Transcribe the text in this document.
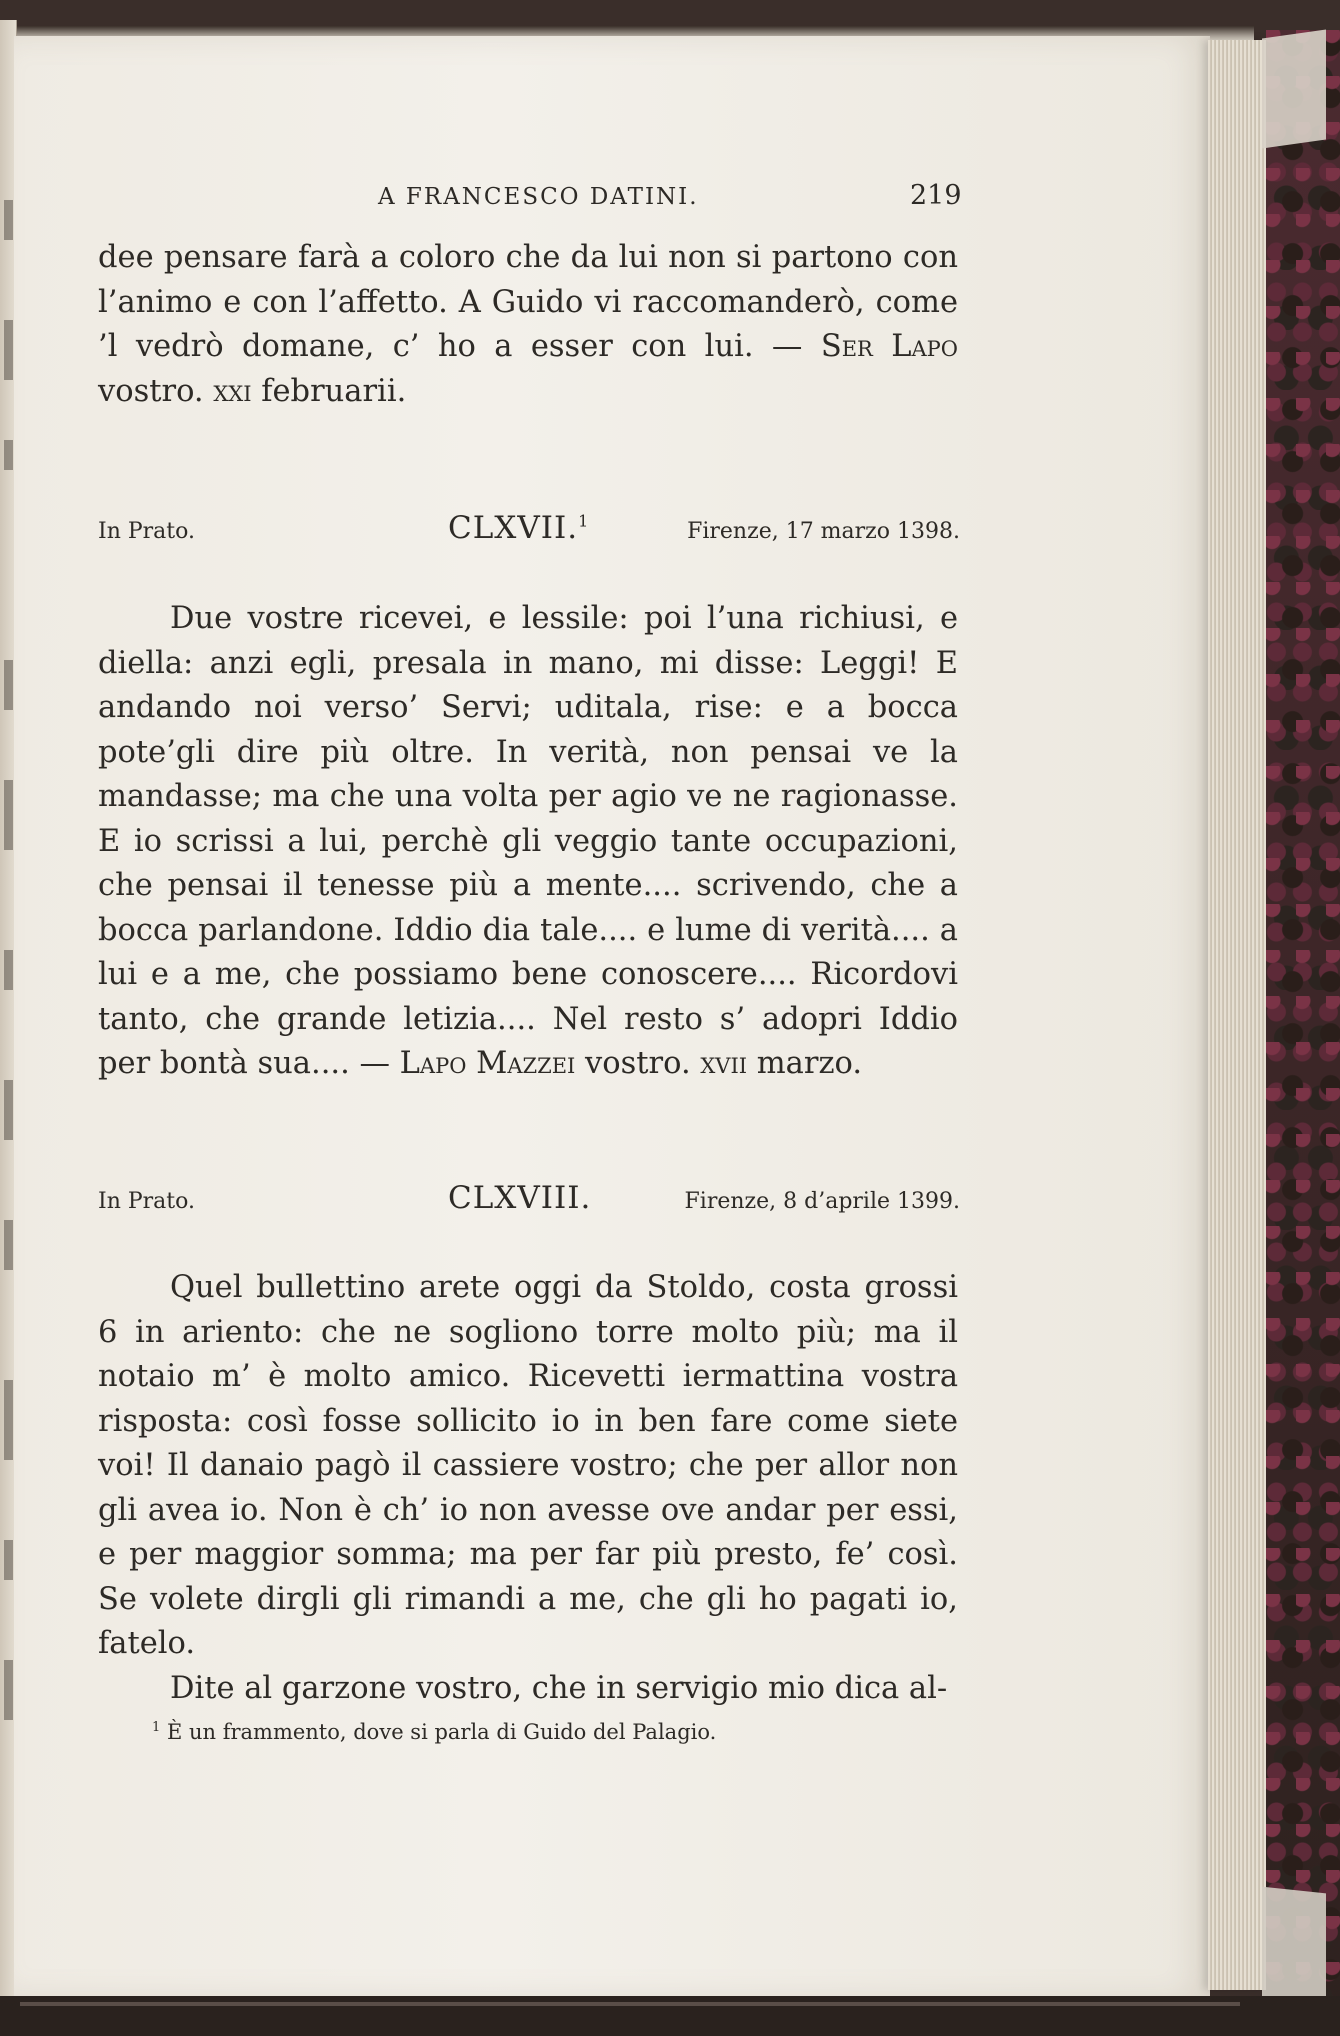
A FRANCESCO DATINI.	219

dee pensare farà a coloro che da lui non si partono con l’animo e con l’affetto. A Guido vi raccomanderò, come ’l vedrò domane, c’ ho a esser con lui. — Ser Lapo vostro. xxi februarii.

In Prato.	CLXVII.$^1$	Firenze, 17 marzo 1398.

Due vostre ricevei, e lessile: poi l’una richiusi, e diella: anzi egli, presala in mano, mi disse: Leggi! E andando noi verso’ Servi; uditala, rise: e a bocca pote’gli dire più oltre. In verità, non pensai ve la mandasse; ma che una volta per agio ve ne ragionasse. E io scrissi a lui, perchè gli veggio tante occupazioni, che pensai il tenesse più a mente.... scrivendo, che a bocca parlandone. Iddio dia tale.... e lume di verità.... a lui e a me, che possiamo bene conoscere.... Ricordovi tanto, che grande letizia.... Nel resto s’ adopri Iddio per bontà sua.... — Lapo Mazzei vostro. xvii marzo.

In Prato.	CLXVIII.	Firenze, 8 d’aprile 1399.

Quel bullettino arete oggi da Stoldo, costa grossi 6 in ariento: che ne sogliono torre molto più; ma il notaio m’ è molto amico. Ricevetti iermattina vostra risposta: così fosse sollicito io in ben fare come siete voi! Il danaio pagò il cassiere vostro; che per allor non gli avea io. Non è ch’ io non avesse ove andar per essi, e per maggior somma; ma per far più presto, fe’ così. Se volete dirgli gli rimandi a me, che gli ho pagati io, fatelo.

Dite al garzone vostro, che in servigio mio dica al-

$^1$ È un frammento, dove si parla di Guido del Palagio.
